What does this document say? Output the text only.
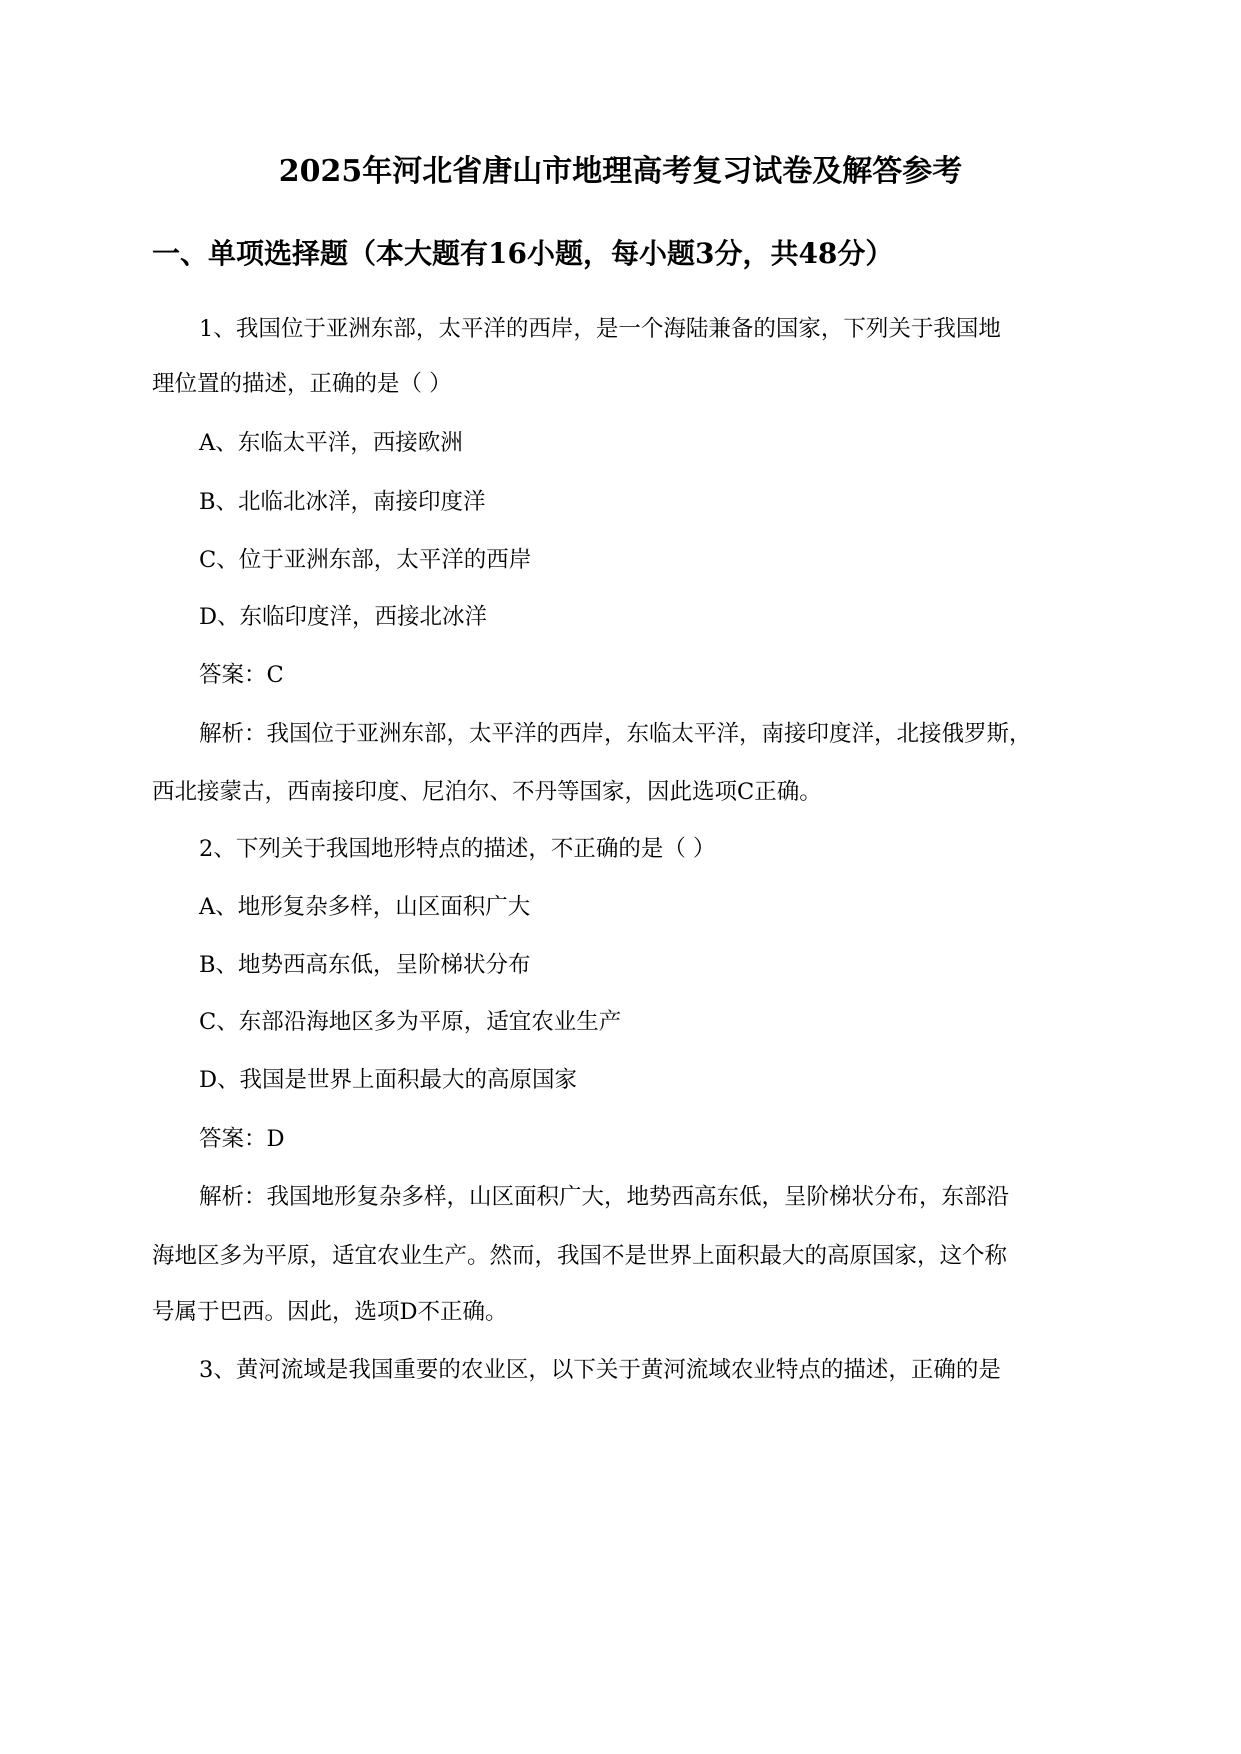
2025年河北省唐山市地理高考复习试卷及解答参考
一、单项选择题（本大题有16小题，每小题3分，共48分）
1、我国位于亚洲东部，太平洋的西岸，是一个海陆兼备的国家，下列关于我国地
理位置的描述，正确的是（ ）
A、东临太平洋，西接欧洲
B、北临北冰洋，南接印度洋
C、位于亚洲东部，太平洋的西岸
D、东临印度洋，西接北冰洋
答案：C
解析：我国位于亚洲东部，太平洋的西岸，东临太平洋，南接印度洋，北接俄罗斯，
西北接蒙古，西南接印度、尼泊尔、不丹等国家，因此选项C正确。
2、下列关于我国地形特点的描述，不正确的是（ ）
A、地形复杂多样，山区面积广大
B、地势西高东低，呈阶梯状分布
C、东部沿海地区多为平原，适宜农业生产
D、我国是世界上面积最大的高原国家
答案：D
解析：我国地形复杂多样，山区面积广大，地势西高东低，呈阶梯状分布，东部沿
海地区多为平原，适宜农业生产。然而，我国不是世界上面积最大的高原国家，这个称
号属于巴西。因此，选项D不正确。
3、黄河流域是我国重要的农业区，以下关于黄河流域农业特点的描述，正确的是
